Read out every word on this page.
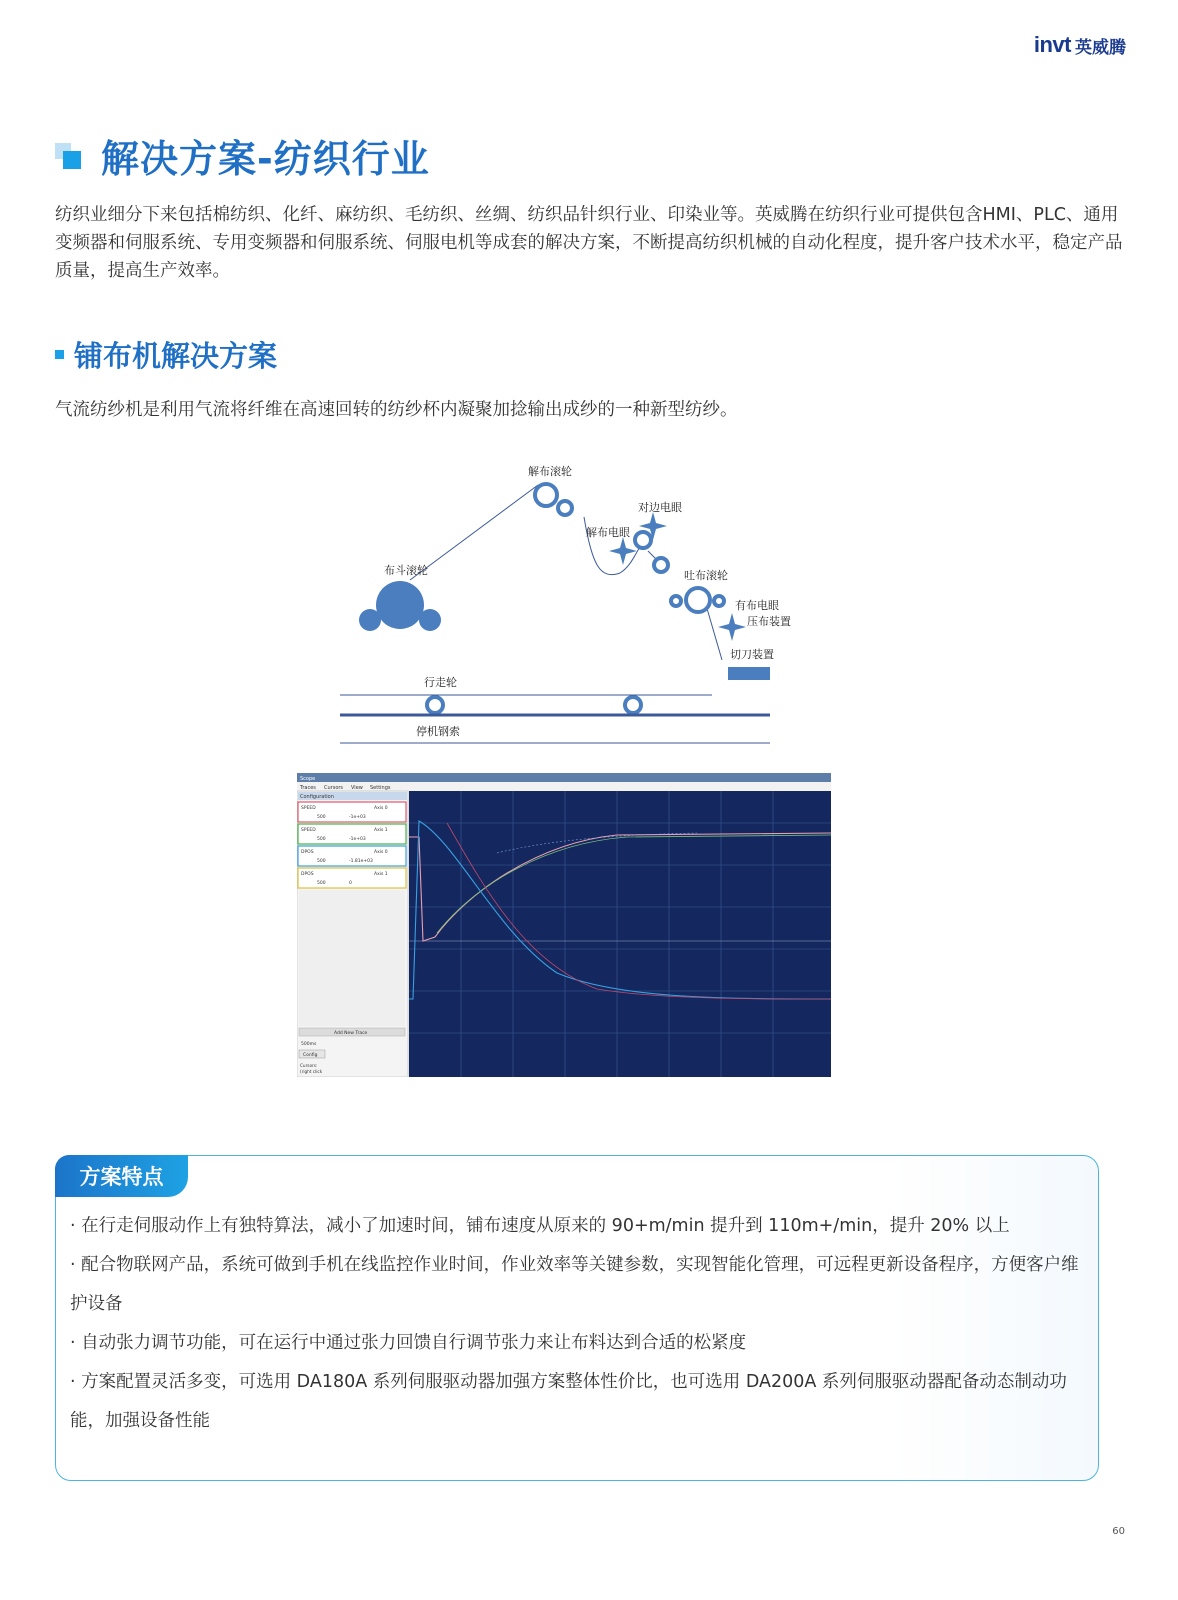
invt 英威腾
解决方案-纺织行业
纺织业细分下来包括棉纺织、化纤、麻纺织、毛纺织、丝绸、纺织品针织行业、印染业等。英威腾在纺织行业可提供包含HMI、PLC、通用变频器和伺服系统、专用变频器和伺服系统、伺服电机等成套的解决方案，不断提高纺织机械的自动化程度，提升客户技术水平，稳定产品质量，提高生产效率。
铺布机解决方案
气流纺纱机是利用气流将纤维在高速回转的纺纱杯内凝聚加捻输出成纱的一种新型纺纱。
解布滚轮
对边电眼
解布电眼
布斗滚轮	吐布滚轮
有布电眼
压布装置
切刀装置
行走轮
停机钢索
Scope
Traces Cursors View Settings
Configuration
SPEED	Axis 0
500	-1e+03
SPEED	Axis 1
500	-1e+03
DPOS	Axis 0
500	-1.81e+03
DPOS	Axis 1
500	0
Add New Trace
500ms
Config
Cursors:
(right click
方案特点

· 在行走伺服动作上有独特算法，减小了加速时间，铺布速度从原来的 90+m/min 提升到 110m+/min，提升 20% 以上

· 配合物联网产品，系统可做到手机在线监控作业时间，作业效率等关键参数，实现智能化管理，可远程更新设备程序，方便客户维护设备

· 自动张力调节功能，可在运行中通过张力回馈自行调节张力来让布料达到合适的松紧度

· 方案配置灵活多变，可选用 DA180A 系列伺服驱动器加强方案整体性价比，也可选用 DA200A 系列伺服驱动器配备动态制动功能，加强设备性能

60
